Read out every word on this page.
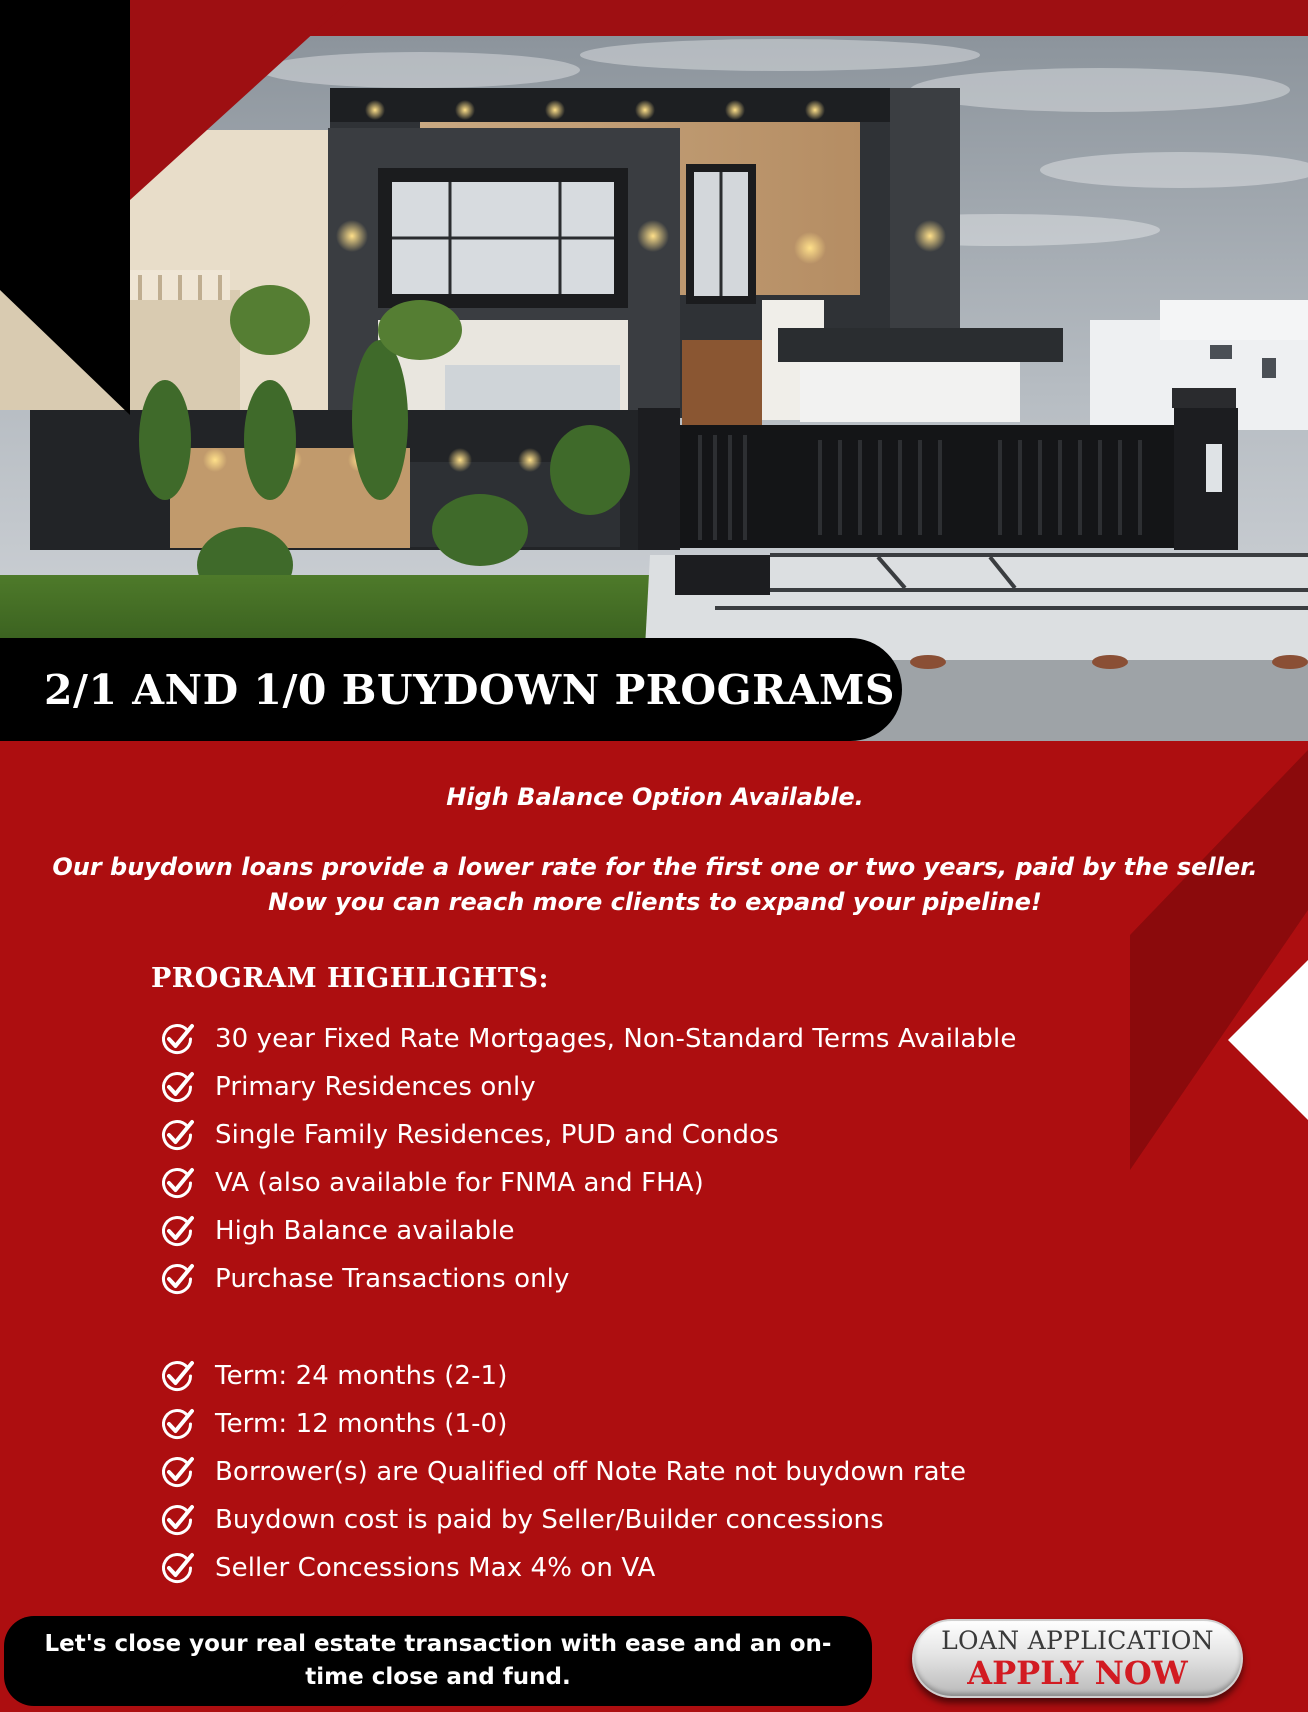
2/1 AND 1/0 BUYDOWN PROGRAMS

High Balance Option Available.

Our buydown loans provide a lower rate for the first one or two years, paid by the seller. Now you can reach more clients to expand your pipeline!

PROGRAM HIGHLIGHTS:
30 year Fixed Rate Mortgages, Non-Standard Terms Available
Primary Residences only
Single Family Residences, PUD and Condos
VA (also available for FNMA and FHA)
High Balance available
Purchase Transactions only
Term: 24 months (2-1)
Term: 12 months (1-0)
Borrower(s) are Qualified off Note Rate not buydown rate
Buydown cost is paid by Seller/Builder concessions
Seller Concessions Max 4% on VA

Let's close your real estate transaction with ease and an on-time close and fund.

LOAN APPLICATION
APPLY NOW
